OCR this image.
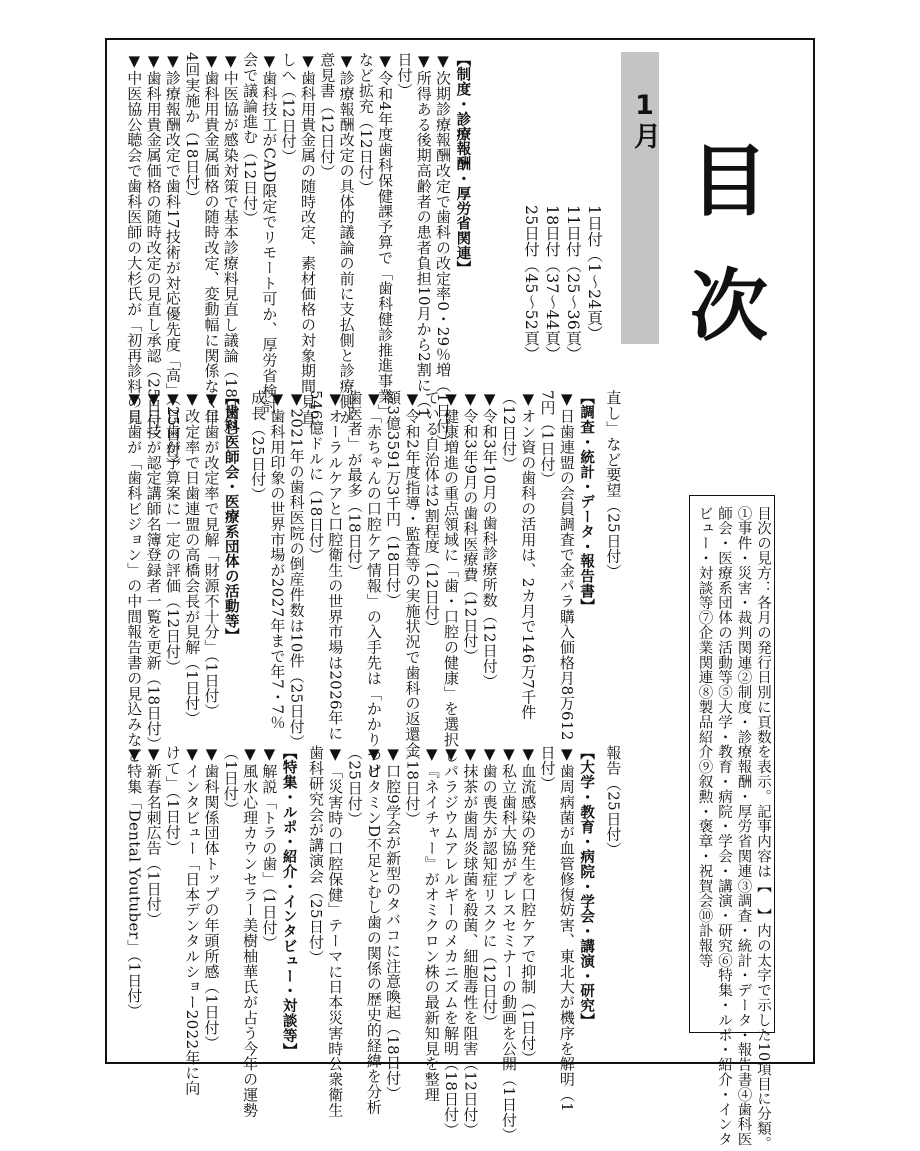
目
次
1月
1日付（1～24頁）
11日付（25～36頁）
18日付（37～44頁）
25日付（45～52頁）
【制度・診療報酬・厚労省関連】
▼次期診療報酬改定で歯科の改定率0・29％増（1日付）
▼所得ある後期高齢者の患者負担10月から2割に（1
日付）
▼令和4年度歯科保健課予算で「歯科健診推進事業」
など拡充（12日付）
▼診療報酬改定の具体的議論の前に支払側と診療側が
意見書（12日付）
▼歯科用貴金属の随時改定、素材価格の対象期間見直
しへ（12日付）
▼歯科技工がCAD限定でリモート可か、厚労省検討
会で議論進む（12日付）
▼中医協が感染対策で基本診療料見直し議論（18日付）
▼歯科用貴金属価格の随時改定、変動幅に関係なく年
4回実施か（18日付）
▼診療報酬改定で歯科17技術が対応優先度「高」（25日付）
▼歯科用貴金属価格の随時改定の見直し承認（25日付）
▼中医協公聴会で歯科医師の大杉氏が「初再診料の見
直し」など要望（25日付）
【調査・統計・データ・報告書】
▼日歯連盟の会員調査で金パラ購入価格月8万612
7円（1日付）
▼オン資の歯科の活用は、2カ月で146万7千件
（12日付）
▼令和3年10月の歯科診療所数（12日付）
▼令和3年9月の歯科医療費（12日付）
▼健康増進の重点領域に「歯・口腔の健康」を選択し
ている自治体は2割程度（12日付）
▼令和2年度指導・監査等の実施状況で歯科の返還金
額3億3591万3千円（18日付）
▼「赤ちゃんの口腔ケア情報」の入手先は「かかりつけ
歯医者」が最多（18日付）
▼オーラルケアと口腔衛生の世界市場は2026年に
546億ドルに（18日付）
▼2021年の歯科医院の倒産件数は10件（25日付）
▼歯科用印象の世界市場が2027年まで年7・7％
成長（25日付）
【歯科医師会・医療系団体の活動等】
▼日歯が改定率で見解「財源不十分」（1日付）
▼改定率で日歯連盟の高橋会長が見解（1日付）
▼日歯が予算案に一定の評価（12日付）
▼日技が認定講師名簿登録者一覧を更新（18日付）
▼日歯が「歯科ビジョン」の中間報告書の見込みなど
報告（25日付）
【大学・教育・病院・学会・講演・研究】
▼歯周病菌が血管修復妨害、東北大が機序を解明（1
日付）
▼血流感染の発生を口腔ケアで抑制（1日付）
▼私立歯科大協がプレスセミナーの動画を公開（1日付）
▼歯の喪失が認知症リスクに（12日付）
▼抹茶が歯周炎球菌を殺菌、細胞毒性を阻害（12日付）
▼パラジウムアレルギーのメカニズムを解明（18日付）
▼『ネイチャー』がオミクロン株の最新知見を整理
（18日付）
▼口腔9学会が新型のタバコに注意喚起（18日付）
▼ビタミンD不足とむし歯の関係の歴史的経緯を分析
（25日付）
▼「災害時の口腔保健」テーマに日本災害時公衆衛生
歯科研究会が講演会（25日付）
【特集・ルポ・紹介・インタビュー・対談等】
▼解説「トラの歯」（1日付）
▼風水心理カウンセラー美樹柚華氏が占う今年の運勢
（1日付）
▼歯科関係団体トップの年頭所感（1日付）
▼インタビュー「日本デンタルショー2022年に向
けて」（1日付）
▼新春名刺広告（1日付）
▼特集「Dental Youtuber」（1日付）	目次の見方：各月の発行日別に頁数を表示。記事内容は【　】内の太字で示した10項目に分類。
①事件・災害・裁判関連②制度・診療報酬・厚労省関連③調査・統計・データ・報告書④歯科医
師会・医療系団体の活動等⑤大学・教育・病院・学会・講演・研究⑥特集・ルポ・紹介・インタ
ビュー・対談等⑦企業関連⑧製品紹介⑨叙勲・褒章・祝賀会⑩訃報等
